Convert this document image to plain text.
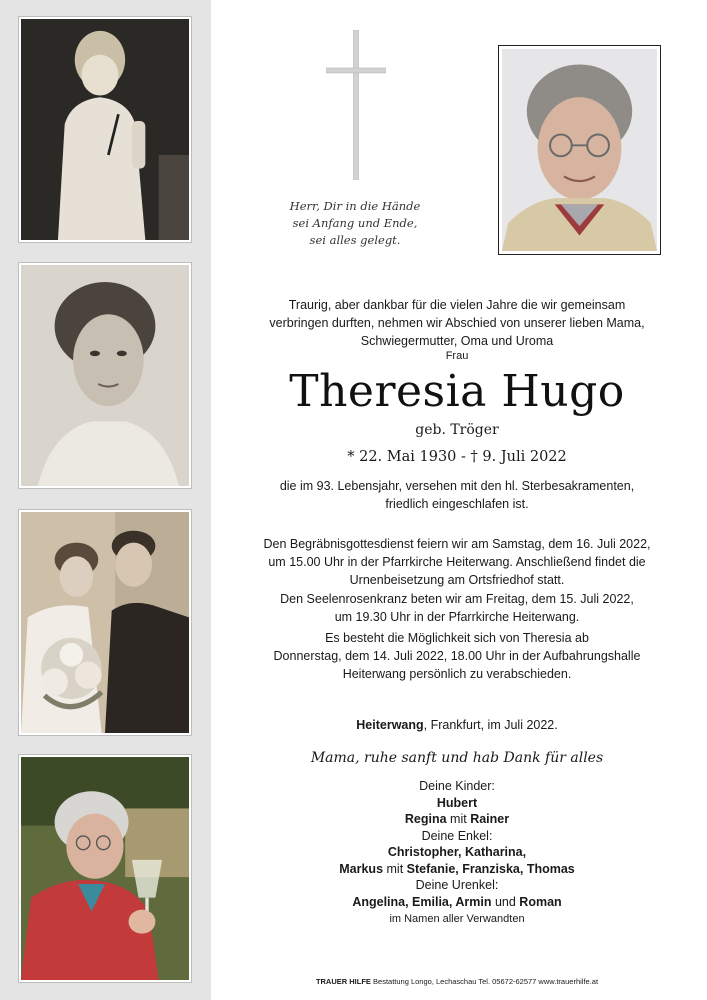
Herr, Dir in die Hände
sei Anfang und Ende,
sei alles gelegt.
Traurig, aber dankbar für die vielen Jahre die wir gemeinsam
verbringen durften, nehmen wir Abschied von unserer lieben Mama,
Schwiegermutter, Oma und Uroma
Frau
Theresia Hugo
geb. Tröger
* 22. Mai 1930 - † 9. Juli 2022
die im 93. Lebensjahr, versehen mit den hl. Sterbesakramenten,
friedlich eingeschlafen ist.
Den Begräbnisgottesdienst feiern wir am Samstag, dem 16. Juli 2022,
um 15.00 Uhr in der Pfarrkirche Heiterwang. Anschließend findet die
Urnenbeisetzung am Ortsfriedhof statt.
Den Seelenrosenkranz beten wir am Freitag, dem 15. Juli 2022,
um 19.30 Uhr in der Pfarrkirche Heiterwang.
Es besteht die Möglichkeit sich von Theresia ab
Donnerstag, dem 14. Juli 2022, 18.00 Uhr in der Aufbahrungshalle
Heiterwang persönlich zu verabschieden.
Heiterwang, Frankfurt, im Juli 2022.
Mama, ruhe sanft und hab Dank für alles
Deine Kinder:
Hubert
Regina mit Rainer
Deine Enkel:
Christopher, Katharina,
Markus mit Stefanie, Franziska, Thomas
Deine Urenkel:
Angelina, Emilia, Armin und Roman
im Namen aller Verwandten
TRAUER HILFE Bestattung Longo, Lechaschau Tel. 05672-62577 www.trauerhilfe.at
